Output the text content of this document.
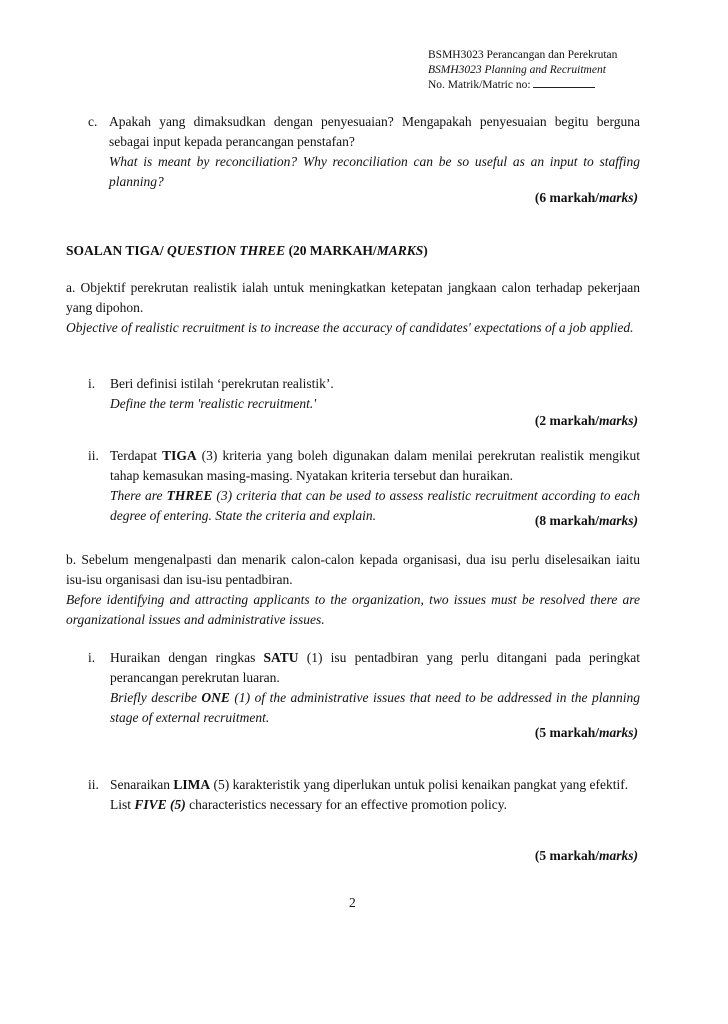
BSMH3023 Perancangan dan Perekrutan
BSMH3023 Planning and Recruitment
No. Matrik/Matric no:
c. Apakah yang dimaksudkan dengan penyesuaian? Mengapakah penyesuaian begitu berguna sebagai input kepada perancangan penstafan?

What is meant by reconciliation? Why reconciliation can be so useful as an input to staffing planning?

(6 markah/marks)
SOALAN TIGA/ QUESTION THREE (20 MARKAH/MARKS)

a. Objektif perekrutan realistik ialah untuk meningkatkan ketepatan jangkaan calon terhadap pekerjaan yang dipohon.

Objective of realistic recruitment is to increase the accuracy of candidates' expectations of a job applied.

i.	Beri definisi istilah ‘perekrutan realistik’.

Define the term 'realistic recruitment.'

(2 markah/marks)
ii. Terdapat TIGA (3) kriteria yang boleh digunakan dalam menilai perekrutan realistik mengikut tahap kemasukan masing-masing. Nyatakan kriteria tersebut dan huraikan.

There are THREE (3) criteria that can be used to assess realistic recruitment according to each degree of entering. State the criteria and explain.	(8 markah/marks)

b. Sebelum mengenalpasti dan menarik calon-calon kepada organisasi, dua isu perlu diselesaikan iaitu isu-isu organisasi dan isu-isu pentadbiran.

Before identifying and attracting applicants to the organization, two issues must be resolved there are organizational issues and administrative issues.

i.	Huraikan dengan ringkas SATU (1) isu pentadbiran yang perlu ditangani pada peringkat perancangan perekrutan luaran.

Briefly describe ONE (1) of the administrative issues that need to be addressed in the planning stage of external recruitment.

(5 markah/marks)
ii. Senaraikan LIMA (5) karakteristik yang diperlukan untuk polisi kenaikan pangkat yang efektif.

List FIVE (5) characteristics necessary for an effective promotion policy.

(5 markah/marks)
2
